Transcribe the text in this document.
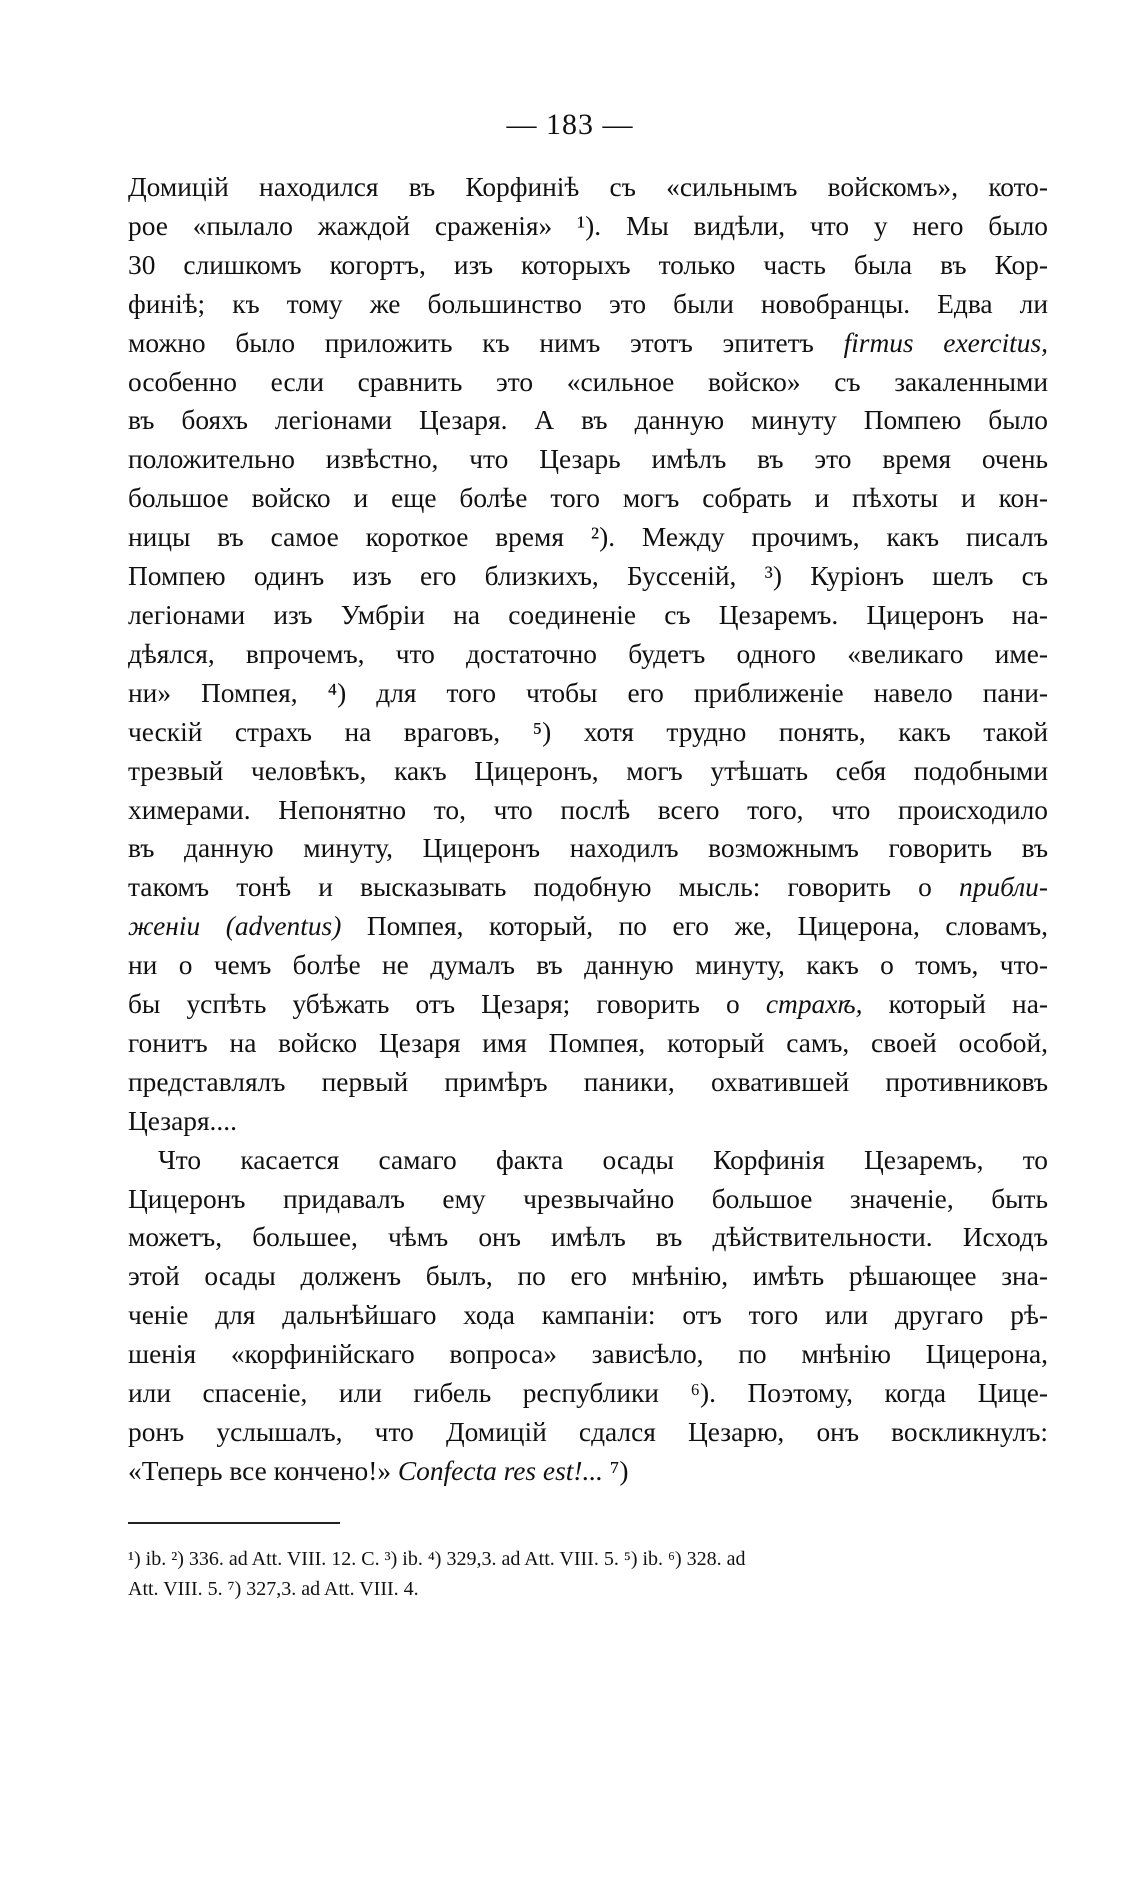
— 183 —

Домицій находился въ Корфиніѣ съ «сильнымъ войскомъ», кото-
рое «пылало жаждой сраженія» ¹). Мы видѣли, что у него было
30 слишкомъ когортъ, изъ которыхъ только часть была въ Кор-
финіѣ; къ тому же большинство это были новобранцы. Едва ли
можно было приложить къ нимъ этотъ эпитетъ firmus exercitus,
особенно если сравнить это «сильное войско» съ закаленными
въ бояхъ легіонами Цезаря. А въ данную минуту Помпею было
положительно извѣстно, что Цезарь имѣлъ въ это время очень
большое войско и еще болѣе того могъ собрать и пѣхоты и кон-
ницы въ самое короткое время ²). Между прочимъ, какъ писалъ
Помпею одинъ изъ его близкихъ, Буссеній, ³) Куріонъ шелъ съ
легіонами изъ Умбріи на соединеніе съ Цезаремъ. Цицеронъ на-
дѣялся, впрочемъ, что достаточно будетъ одного «великаго име-
ни» Помпея, ⁴) для того чтобы его приближеніе навело пани-
ческій страхъ на враговъ, ⁵) хотя трудно понять, какъ такой
трезвый человѣкъ, какъ Цицеронъ, могъ утѣшать себя подобными
химерами. Непонятно то, что послѣ всего того, что происходило
въ данную минуту, Цицеронъ находилъ возможнымъ говорить въ
такомъ тонѣ и высказывать подобную мысль: говорить о прибли-
женіи (adventus) Помпея, который, по его же, Цицерона, словамъ,
ни о чемъ болѣе не думалъ въ данную минуту, какъ о томъ, что-
бы успѣть убѣжать отъ Цезаря; говорить о страхѣ, который на-
гонитъ на войско Цезаря имя Помпея, который самъ, своей особой,
представлялъ первый примѣръ паники, охватившей противниковъ
Цезаря....

Что касается самаго факта осады Корфинія Цезаремъ, то
Цицеронъ придавалъ ему чрезвычайно большое значеніе, быть
можетъ, большее, чѣмъ онъ имѣлъ въ дѣйствительности. Исходъ
этой осады долженъ былъ, по его мнѣнію, имѣть рѣшающее зна-
ченіе для дальнѣйшаго хода кампаніи: отъ того или другаго рѣ-
шенія «корфинійскаго вопроса» зависѣло, по мнѣнію Цицерона,
или спасеніе, или гибель республики ⁶). Поэтому, когда Цице-
ронъ услышалъ, что Домицій сдался Цезарю, онъ воскликнулъ:
«Теперь все кончено!» Confecta res est!... ⁷)

¹) ib. ²) 336. ad Att. VIII. 12. C. ³) ib. ⁴) 329,3. ad Att. VIII. 5. ⁵) ib. ⁶) 328. ad
Att. VIII. 5. ⁷) 327,3. ad Att. VIII. 4.
